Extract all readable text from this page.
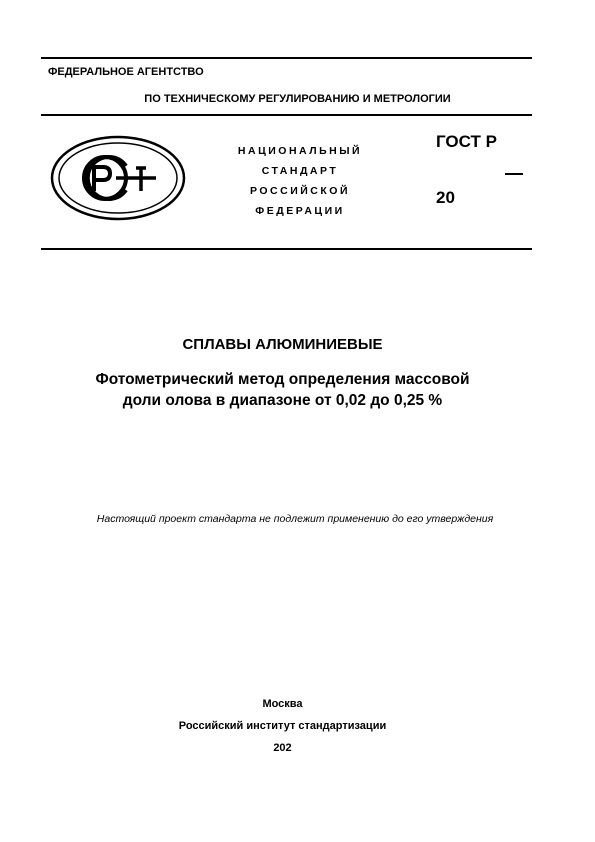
ФЕДЕРАЛЬНОЕ АГЕНТСТВО
ПО ТЕХНИЧЕСКОМУ РЕГУЛИРОВАНИЮ И МЕТРОЛОГИИ
НАЦИОНАЛЬНЫЙ
СТАНДАРТ
РОССИЙСКОЙ
ФЕДЕРАЦИИ
ГОСТ Р
20
СПЛАВЫ АЛЮМИНИЕВЫЕ
Фотометрический метод определения массовой
доли олова в диапазоне от 0,02 до 0,25 %
Настоящий проект стандарта не подлежит применению до его утверждения
Москва
Российский институт стандартизации
202
